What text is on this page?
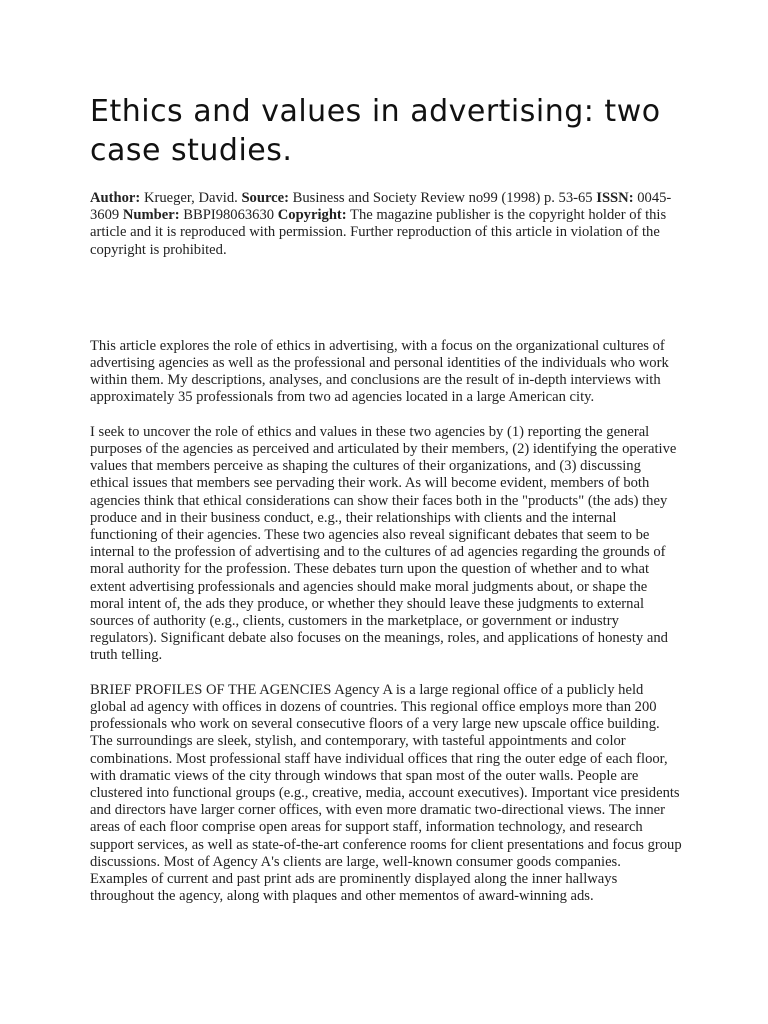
Ethics and values in advertising: two case studies.
Author: Krueger, David. Source: Business and Society Review no99 (1998) p. 53-65 ISSN: 0045-3609 Number: BBPI98063630 Copyright: The magazine publisher is the copyright holder of this article and it is reproduced with permission. Further reproduction of this article in violation of the copyright is prohibited.

This article explores the role of ethics in advertising, with a focus on the organizational cultures of advertising agencies as well as the professional and personal identities of the individuals who work within them. My descriptions, analyses, and conclusions are the result of in-depth interviews with approximately 35 professionals from two ad agencies located in a large American city.

I seek to uncover the role of ethics and values in these two agencies by (1) reporting the general purposes of the agencies as perceived and articulated by their members, (2) identifying the operative values that members perceive as shaping the cultures of their organizations, and (3) discussing ethical issues that members see pervading their work. As will become evident, members of both agencies think that ethical considerations can show their faces both in the "products" (the ads) they produce and in their business conduct, e.g., their relationships with clients and the internal functioning of their agencies. These two agencies also reveal significant debates that seem to be internal to the profession of advertising and to the cultures of ad agencies regarding the grounds of moral authority for the profession. These debates turn upon the question of whether and to what extent advertising professionals and agencies should make moral judgments about, or shape the moral intent of, the ads they produce, or whether they should leave these judgments to external sources of authority (e.g., clients, customers in the marketplace, or government or industry regulators). Significant debate also focuses on the meanings, roles, and applications of honesty and truth telling.

BRIEF PROFILES OF THE AGENCIES Agency A is a large regional office of a publicly held global ad agency with offices in dozens of countries. This regional office employs more than 200 professionals who work on several consecutive floors of a very large new upscale office building. The surroundings are sleek, stylish, and contemporary, with tasteful appointments and color combinations. Most professional staff have individual offices that ring the outer edge of each floor, with dramatic views of the city through windows that span most of the outer walls. People are clustered into functional groups (e.g., creative, media, account executives). Important vice presidents and directors have larger corner offices, with even more dramatic two-directional views. The inner areas of each floor comprise open areas for support staff, information technology, and research support services, as well as state-of-the-art conference rooms for client presentations and focus group discussions. Most of Agency A's clients are large, well-known consumer goods companies. Examples of current and past print ads are prominently displayed along the inner hallways throughout the agency, along with plaques and other mementos of award-winning ads.
